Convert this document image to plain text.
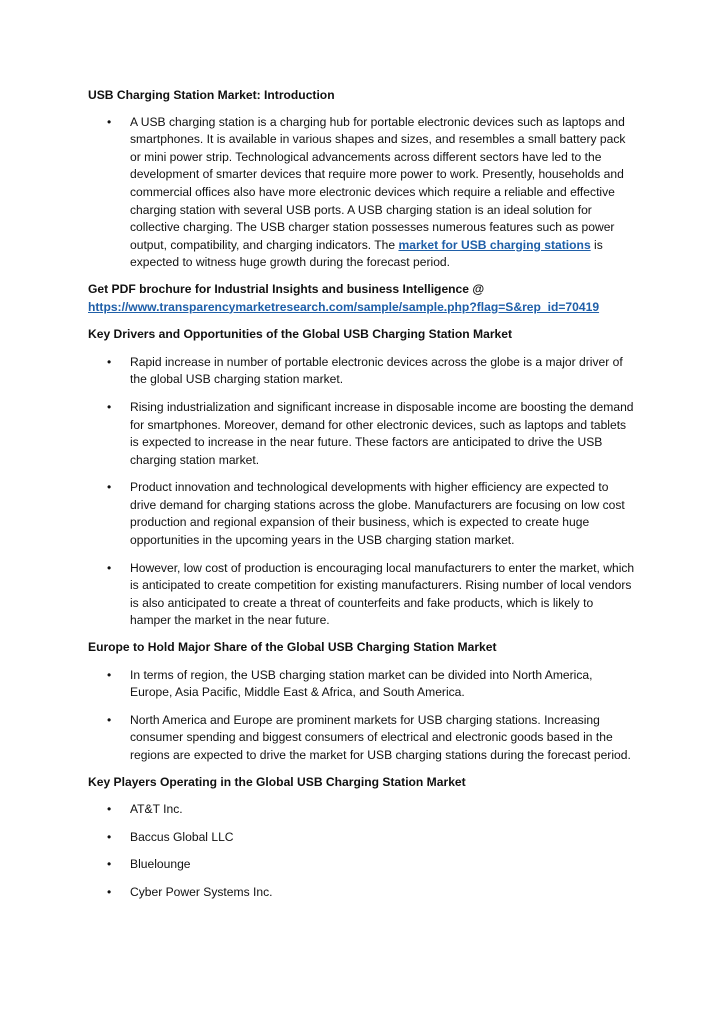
USB Charging Station Market: Introduction

•	A USB charging station is a charging hub for portable electronic devices such as laptops and smartphones. It is available in various shapes and sizes, and resembles a small battery pack or mini power strip. Technological advancements across different sectors have led to the development of smarter devices that require more power to work. Presently, households and commercial offices also have more electronic devices which require a reliable and effective charging station with several USB ports. A USB charging station is an ideal solution for collective charging. The USB charger station possesses numerous features such as power output, compatibility, and charging indicators. The market for USB charging stations is expected to witness huge growth during the forecast period.

Get PDF brochure for Industrial Insights and business Intelligence @

https://www.transparencymarketresearch.com/sample/sample.php?flag=S&rep_id=70419

Key Drivers and Opportunities of the Global USB Charging Station Market

•	Rapid increase in number of portable electronic devices across the globe is a major driver of the global USB charging station market.
•	Rising industrialization and significant increase in disposable income are boosting the demand for smartphones. Moreover, demand for other electronic devices, such as laptops and tablets is expected to increase in the near future. These factors are anticipated to drive the USB charging station market.
•	Product innovation and technological developments with higher efficiency are expected to drive demand for charging stations across the globe. Manufacturers are focusing on low cost production and regional expansion of their business, which is expected to create huge opportunities in the upcoming years in the USB charging station market.
•	However, low cost of production is encouraging local manufacturers to enter the market, which is anticipated to create competition for existing manufacturers. Rising number of local vendors is also anticipated to create a threat of counterfeits and fake products, which is likely to hamper the market in the near future.

Europe to Hold Major Share of the Global USB Charging Station Market

•	In terms of region, the USB charging station market can be divided into North America, Europe, Asia Pacific, Middle East & Africa, and South America.
•	North America and Europe are prominent markets for USB charging stations. Increasing consumer spending and biggest consumers of electrical and electronic goods based in the regions are expected to drive the market for USB charging stations during the forecast period.

Key Players Operating in the Global USB Charging Station Market

•	AT&T Inc.
•	Baccus Global LLC
•	Bluelounge
•	Cyber Power Systems Inc.
